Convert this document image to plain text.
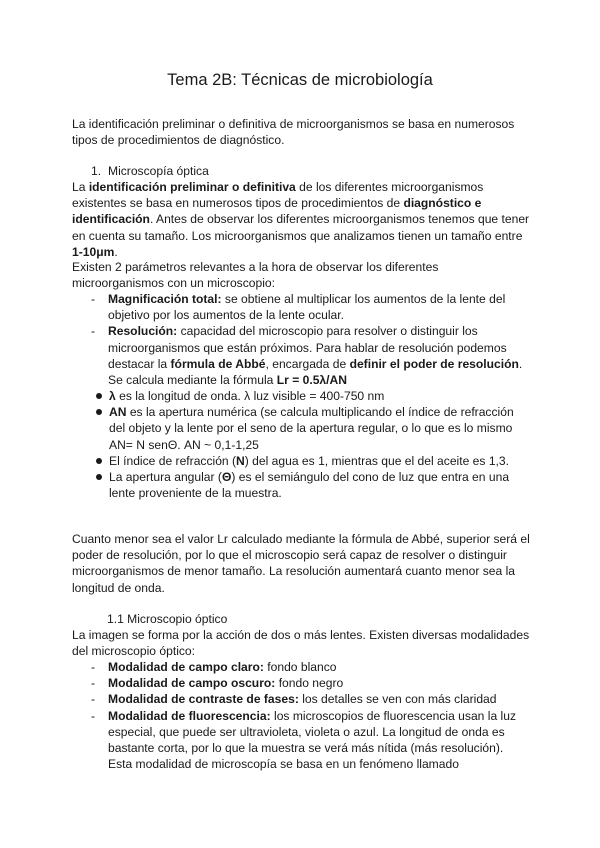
Tema 2B: Técnicas de microbiología

La identificación preliminar o definitiva de microorganismos se basa en numerosos tipos de procedimientos de diagnóstico.

1. Microscopía óptica

La identificación preliminar o definitiva de los diferentes microorganismos existentes se basa en numerosos tipos de procedimientos de diagnóstico e identificación. Antes de observar los diferentes microorganismos tenemos que tener en cuenta su tamaño. Los microorganismos que analizamos tienen un tamaño entre 1-10μm.

Existen 2 parámetros relevantes a la hora de observar los diferentes microorganismos con un microscopio:

- Magnificación total: se obtiene al multiplicar los aumentos de la lente del objetivo por los aumentos de la lente ocular.
- Resolución: capacidad del microscopio para resolver o distinguir los microorganismos que están próximos. Para hablar de resolución podemos destacar la fórmula de Abbé, encargada de definir el poder de resolución. Se calcula mediante la fórmula Lr = 0.5λ/AN
λ es la longitud de onda. λ luz visible = 400-750 nm
AN es la apertura numérica (se calcula multiplicando el índice de refracción del objeto y la lente por el seno de la apertura regular, o lo que es lo mismo AN= N senΘ. AN ~ 0,1-1,25
El índice de refracción (N) del agua es 1, mientras que el del aceite es 1,3.
La apertura angular (Θ) es el semiángulo del cono de luz que entra en una lente proveniente de la muestra.

Cuanto menor sea el valor Lr calculado mediante la fórmula de Abbé, superior será el poder de resolución, por lo que el microscopio será capaz de resolver o distinguir microorganismos de menor tamaño. La resolución aumentará cuanto menor sea la longitud de onda.

1.1 Microscopio óptico

La imagen se forma por la acción de dos o más lentes. Existen diversas modalidades del microscopio óptico:

- Modalidad de campo claro: fondo blanco
- Modalidad de campo oscuro: fondo negro
- Modalidad de contraste de fases: los detalles se ven con más claridad
- Modalidad de fluorescencia: los microscopios de fluorescencia usan la luz especial, que puede ser ultravioleta, violeta o azul. La longitud de onda es bastante corta, por lo que la muestra se verá más nítida (más resolución). Esta modalidad de microscopía se basa en un fenómeno llamado
